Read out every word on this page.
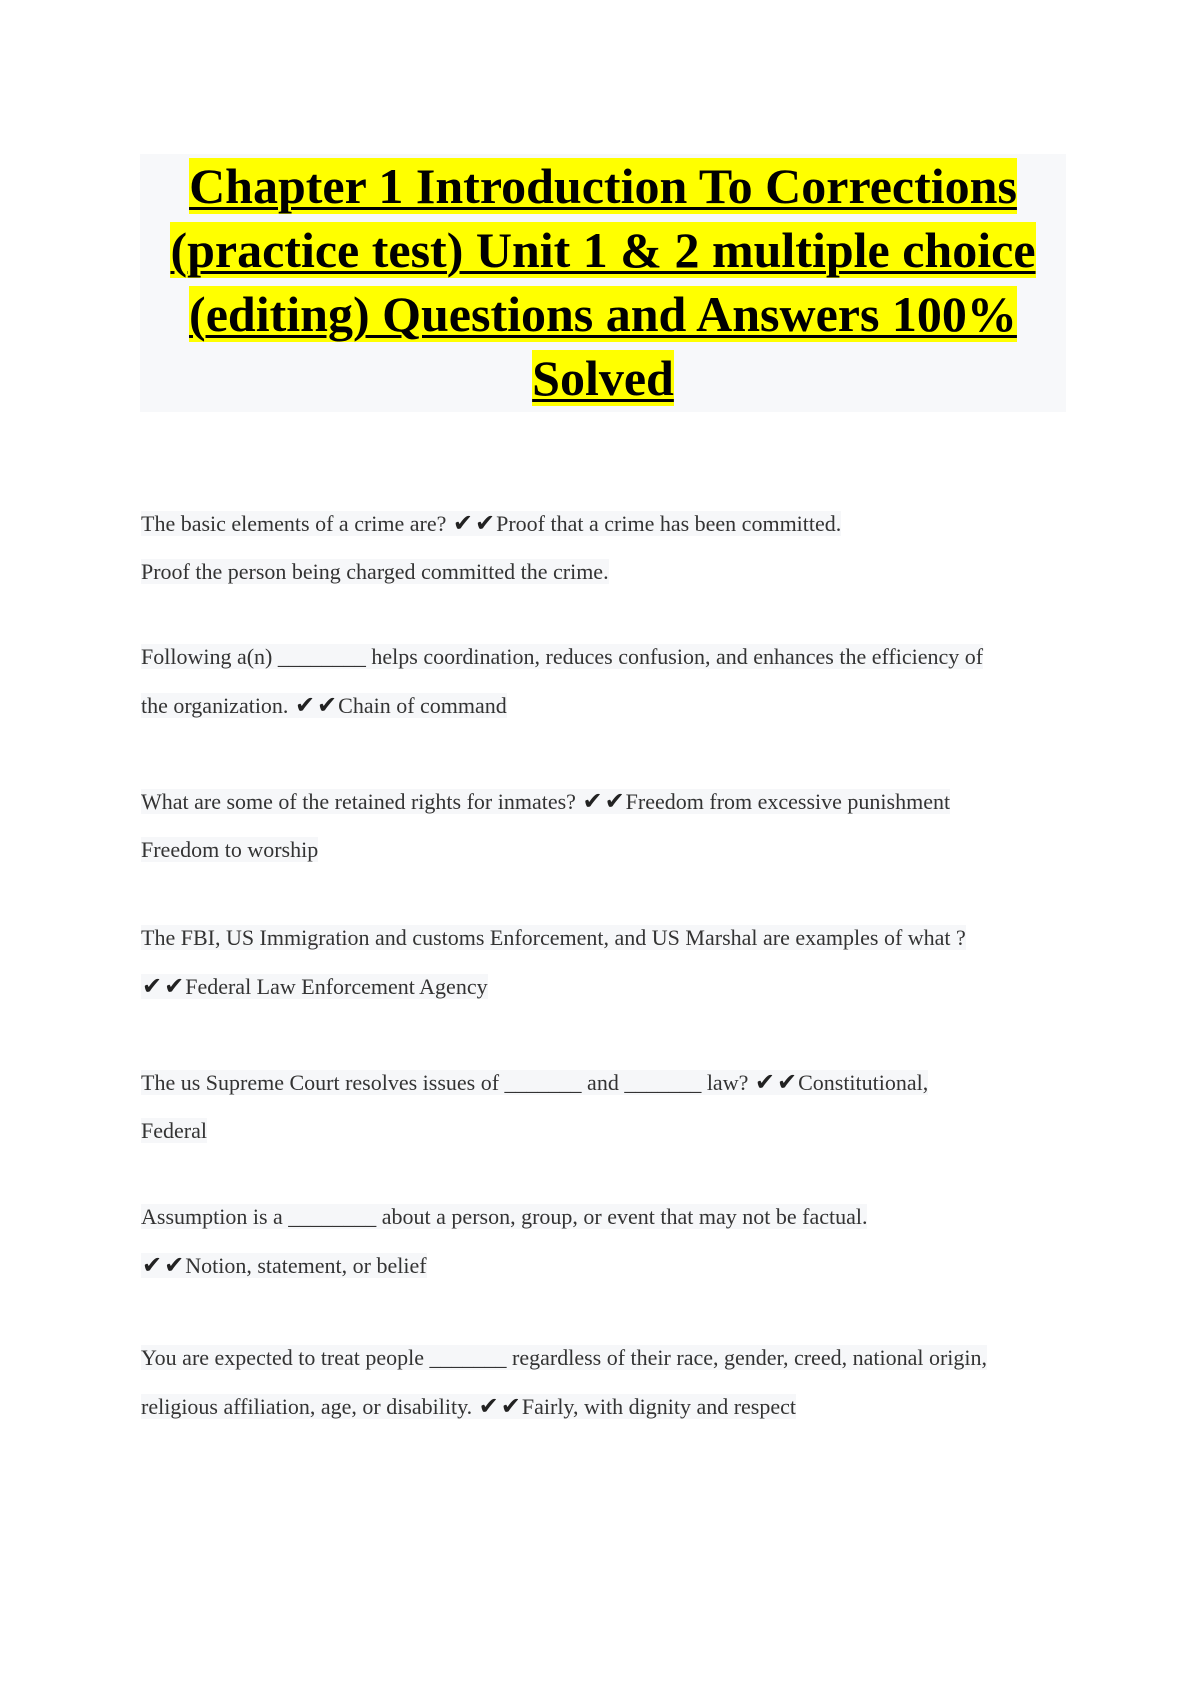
Chapter 1 Introduction To Corrections
(practice test) Unit 1 & 2 multiple choice
(editing) Questions and Answers 100%
Solved
The basic elements of a crime are? ✔✔Proof that a crime has been committed.
Proof the person being charged committed the crime.
Following a(n) ________ helps coordination, reduces confusion, and enhances the efficiency of
the organization. ✔✔Chain of command
What are some of the retained rights for inmates? ✔✔Freedom from excessive punishment
Freedom to worship
The FBI, US Immigration and customs Enforcement, and US Marshal are examples of what ?
✔✔Federal Law Enforcement Agency
The us Supreme Court resolves issues of _______ and _______ law? ✔✔Constitutional,
Federal
Assumption is a ________ about a person, group, or event that may not be factual.
✔✔Notion, statement, or belief
You are expected to treat people _______ regardless of their race, gender, creed, national origin,
religious affiliation, age, or disability. ✔✔Fairly, with dignity and respect
